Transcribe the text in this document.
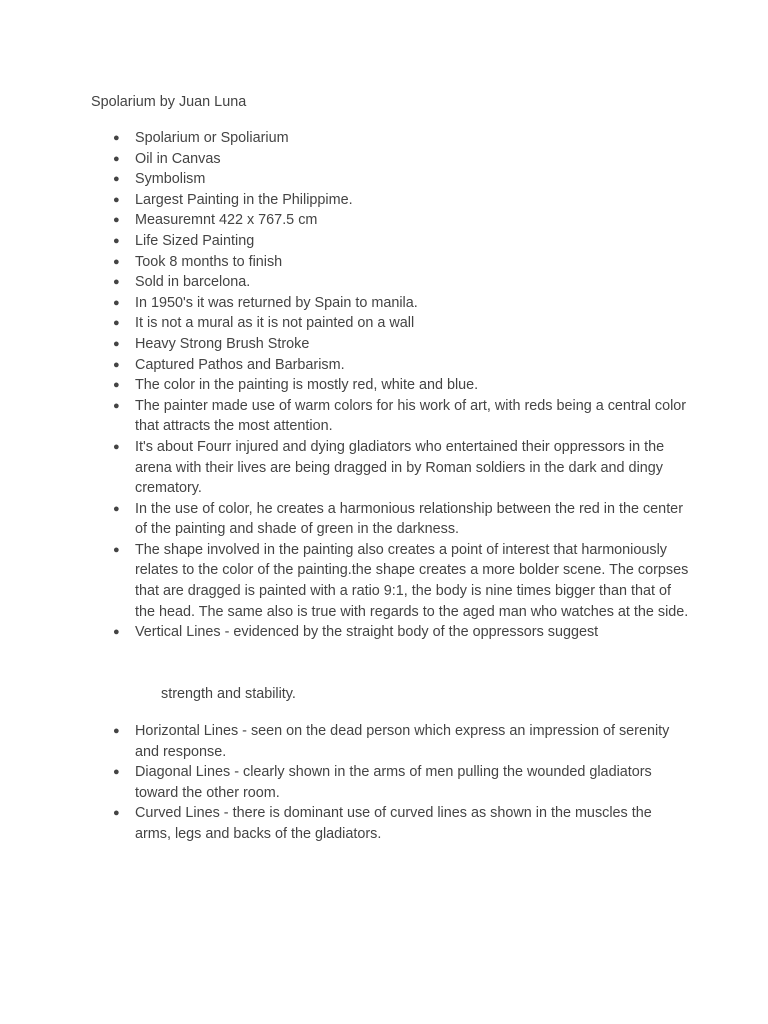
Spolarium by Juan Luna
● Spolarium or Spoliarium
● Oil in Canvas
● Symbolism
● Largest Painting in the Philippime.
● Measuremnt 422 x 767.5 cm
● Life Sized Painting
● Took 8 months to finish
● Sold in barcelona.
● In 1950's it was returned by Spain to manila.
● It is not a mural as it is not painted on a wall
● Heavy Strong Brush Stroke
● Captured Pathos and Barbarism.
● The color in the painting is mostly red, white and blue.
● The painter made use of warm colors for his work of art, with reds being a central color that attracts the most attention.
● It's about Fourr injured and dying gladiators who entertained their oppressors in the arena with their lives are being dragged in by Roman soldiers in the dark and dingy crematory.
● In the use of color, he creates a harmonious relationship between the red in the center of the painting and shade of green in the darkness.
● The shape involved in the painting also creates a point of interest that harmoniously relates to the color of the painting.the shape creates a more bolder scene. The corpses that are dragged is painted with a ratio 9:1, the body is nine times bigger than that of the head. The same also is true with regards to the aged man who watches at the side.
● Vertical Lines - evidenced by the straight body of the oppressors suggest

strength and stability.

● Horizontal Lines - seen on the dead person which express an impression of serenity and response.
● Diagonal Lines - clearly shown in the arms of men pulling the wounded gladiators toward the other room.
● Curved Lines - there is dominant use of curved lines as shown in the muscles the arms, legs and backs of the gladiators.
